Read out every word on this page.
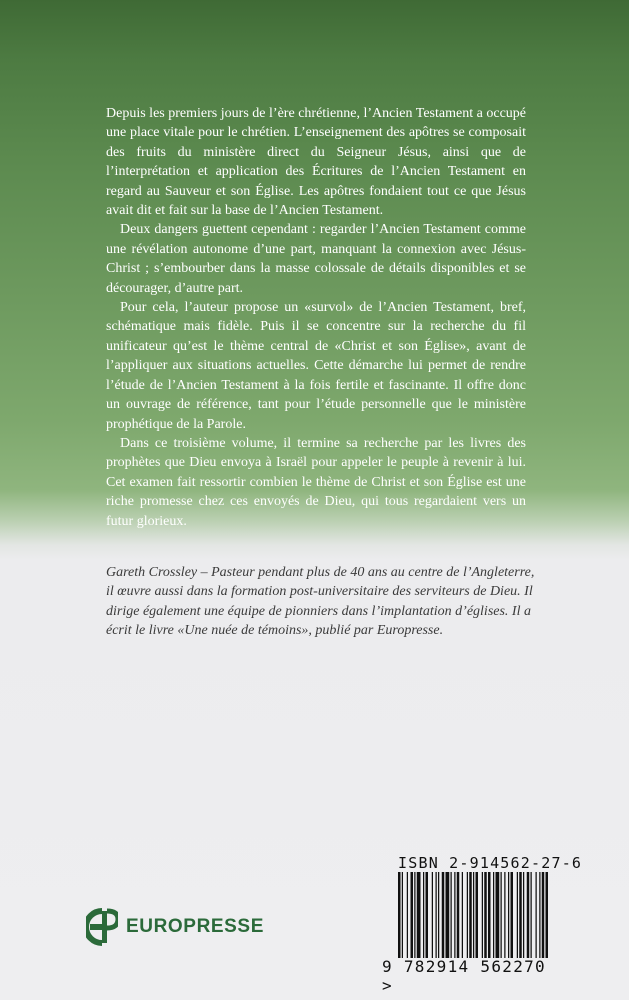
Depuis les premiers jours de l’ère chrétienne, l’Ancien Testament a occupé une place vitale pour le chrétien. L’enseignement des apôtres se composait des fruits du ministère direct du Seigneur Jésus, ainsi que de l’interprétation et application des Écritures de l’Ancien Testament en regard au Sauveur et son Église. Les apôtres fondaient tout ce que Jésus avait dit et fait sur la base de l’Ancien Testament.

Deux dangers guettent cependant : regarder l’Ancien Testament comme une révélation autonome d’une part, manquant la connexion avec Jésus-Christ ; s’embourber dans la masse colossale de détails disponibles et se décourager, d’autre part.

Pour cela, l’auteur propose un «survol» de l’Ancien Testament, bref, schématique mais fidèle. Puis il se concentre sur la recherche du fil unificateur qu’est le thème central de «Christ et son Église», avant de l’appliquer aux situations actuelles. Cette démarche lui permet de rendre l’étude de l’Ancien Testament à la fois fertile et fascinante. Il offre donc un ouvrage de référence, tant pour l’étude personnelle que le ministère prophétique de la Parole.

Dans ce troisième volume, il termine sa recherche par les livres des prophètes que Dieu envoya à Israël pour appeler le peuple à revenir à lui. Cet examen fait ressortir combien le thème de Christ et son Église est une riche promesse chez ces envoyés de Dieu, qui tous regardaient vers un futur glorieux.

Gareth Crossley – Pasteur pendant plus de 40 ans au centre de l’Angleterre, il œuvre aussi dans la formation post-universitaire des serviteurs de Dieu. Il dirige également une équipe de pionniers dans l’implantation d’églises. Il a écrit le livre «Une nuée de témoins», publié par Europresse.

EUROPRESSE
ISBN 2-914562-27-6
9 782914 562270 >
